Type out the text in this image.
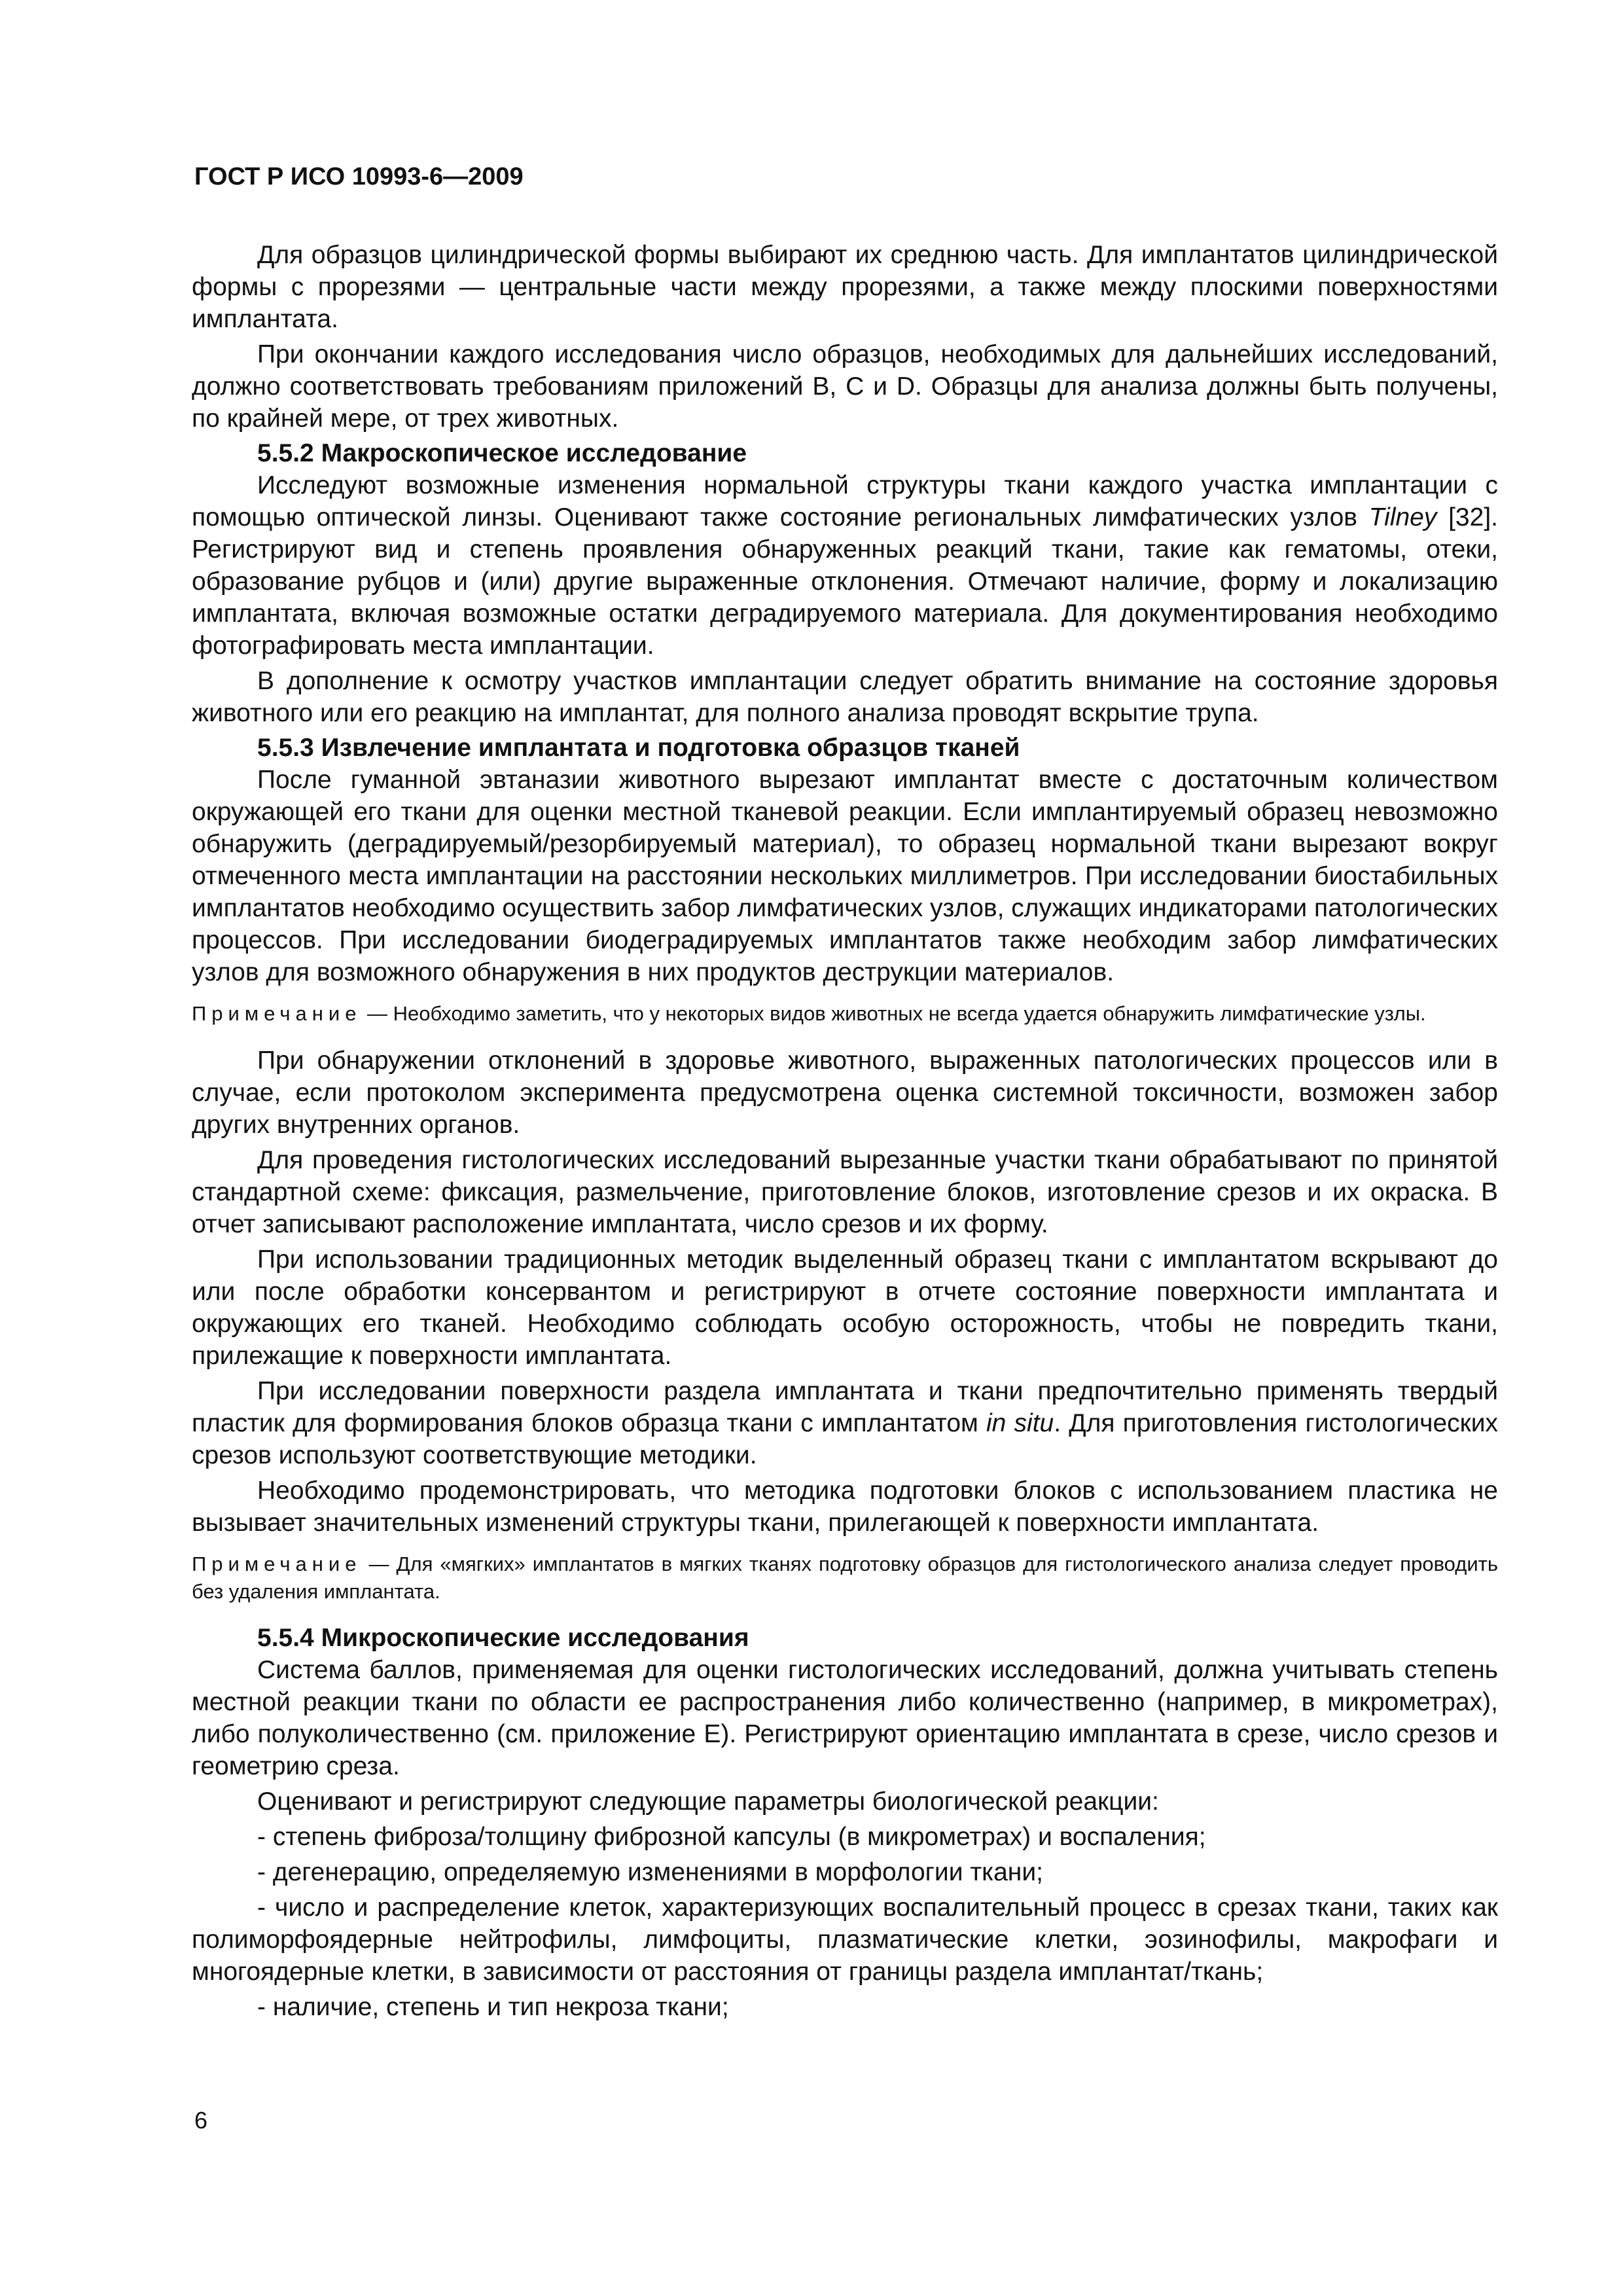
ГОСТ Р ИСО 10993-6—2009

Для образцов цилиндрической формы выбирают их среднюю часть. Для имплантатов цилиндрической формы с прорезями — центральные части между прорезями, а также между плоскими поверхностями имплантата.

При окончании каждого исследования число образцов, необходимых для дальнейших исследований, должно соответствовать требованиям приложений В, С и D. Образцы для анализа должны быть получены, по крайней мере, от трех животных.

5.5.2 Макроскопическое исследование

Исследуют возможные изменения нормальной структуры ткани каждого участка имплантации с помощью оптической линзы. Оценивают также состояние региональных лимфатических узлов Tilney [32]. Регистрируют вид и степень проявления обнаруженных реакций ткани, такие как гематомы, отеки, образование рубцов и (или) другие выраженные отклонения. Отмечают наличие, форму и локализацию имплантата, включая возможные остатки деградируемого материала. Для документирования необходимо фотографировать места имплантации.

В дополнение к осмотру участков имплантации следует обратить внимание на состояние здоровья животного или его реакцию на имплантат, для полного анализа проводят вскрытие трупа.

5.5.3 Извлечение имплантата и подготовка образцов тканей

После гуманной эвтаназии животного вырезают имплантат вместе с достаточным количеством окружающей его ткани для оценки местной тканевой реакции. Если имплантируемый образец невозможно обнаружить (деградируемый/резорбируемый материал), то образец нормальной ткани вырезают вокруг отмеченного места имплантации на расстоянии нескольких миллиметров. При исследовании биостабильных имплантатов необходимо осуществить забор лимфатических узлов, служащих индикаторами патологических процессов. При исследовании биодеградируемых имплантатов также необходим забор лимфатических узлов для возможного обнаружения в них продуктов деструкции материалов.

Примечание — Необходимо заметить, что у некоторых видов животных не всегда удается обнаружить лимфатические узлы.

При обнаружении отклонений в здоровье животного, выраженных патологических процессов или в случае, если протоколом эксперимента предусмотрена оценка системной токсичности, возможен забор других внутренних органов.

Для проведения гистологических исследований вырезанные участки ткани обрабатывают по принятой стандартной схеме: фиксация, размельчение, приготовление блоков, изготовление срезов и их окраска. В отчет записывают расположение имплантата, число срезов и их форму.

При использовании традиционных методик выделенный образец ткани с имплантатом вскрывают до или после обработки консервантом и регистрируют в отчете состояние поверхности имплантата и окружающих его тканей. Необходимо соблюдать особую осторожность, чтобы не повредить ткани, прилежащие к поверхности имплантата.

При исследовании поверхности раздела имплантата и ткани предпочтительно применять твердый пластик для формирования блоков образца ткани с имплантатом in situ. Для приготовления гистологических срезов используют соответствующие методики.

Необходимо продемонстрировать, что методика подготовки блоков с использованием пластика не вызывает значительных изменений структуры ткани, прилегающей к поверхности имплантата.

Примечание — Для «мягких» имплантатов в мягких тканях подготовку образцов для гистологического анализа следует проводить без удаления имплантата.

5.5.4 Микроскопические исследования

Система баллов, применяемая для оценки гистологических исследований, должна учитывать степень местной реакции ткани по области ее распространения либо количественно (например, в микрометрах), либо полуколичественно (см. приложение Е). Регистрируют ориентацию имплантата в срезе, число срезов и геометрию среза.

Оценивают и регистрируют следующие параметры биологической реакции:

- степень фиброза/толщину фиброзной капсулы (в микрометрах) и воспаления;

- дегенерацию, определяемую изменениями в морфологии ткани;

- число и распределение клеток, характеризующих воспалительный процесс в срезах ткани, таких как полиморфоядерные нейтрофилы, лимфоциты, плазматические клетки, эозинофилы, макрофаги и многоядерные клетки, в зависимости от расстояния от границы раздела имплантат/ткань;

- наличие, степень и тип некроза ткани;

6
